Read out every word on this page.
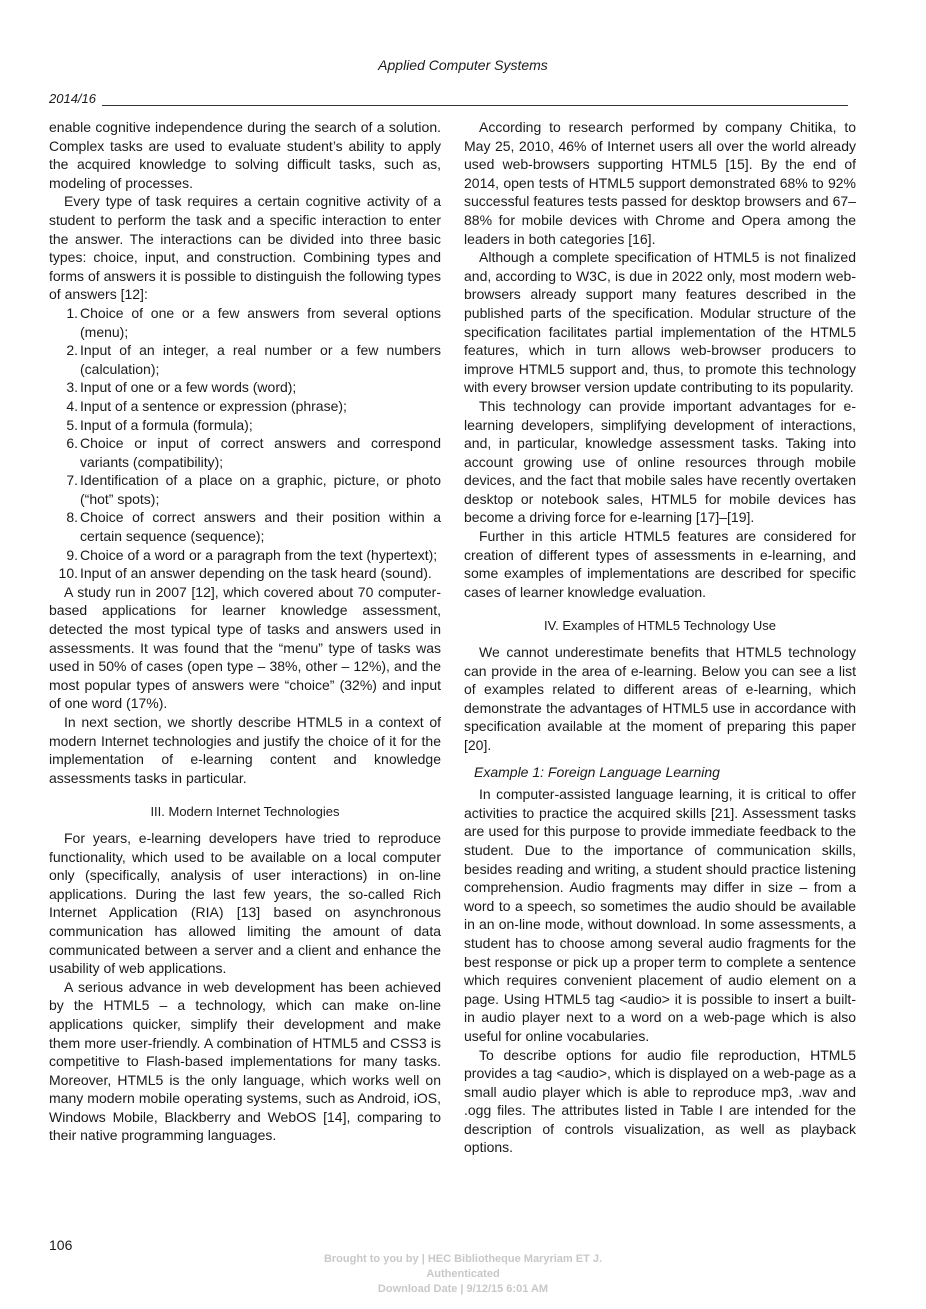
Applied Computer Systems
2014/16

enable cognitive independence during the search of a solution. Complex tasks are used to evaluate student’s ability to apply the acquired knowledge to solving difficult tasks, such as, modeling of processes.

Every type of task requires a certain cognitive activity of a student to perform the task and a specific interaction to enter the answer. The interactions can be divided into three basic types: choice, input, and construction. Combining types and forms of answers it is possible to distinguish the following types of answers [12]:

1. Choice of one or a few answers from several options (menu);
2. Input of an integer, a real number or a few numbers (calculation);
3. Input of one or a few words (word);
4. Input of a sentence or expression (phrase);
5. Input of a formula (formula);
6. Choice or input of correct answers and correspond variants (compatibility);
7. Identification of a place on a graphic, picture, or photo (“hot” spots);
8. Choice of correct answers and their position within a certain sequence (sequence);
9. Choice of a word or a paragraph from the text (hypertext);
10. Input of an answer depending on the task heard (sound).

A study run in 2007 [12], which covered about 70 computer-based applications for learner knowledge assessment, detected the most typical type of tasks and answers used in assessments. It was found that the “menu” type of tasks was used in 50% of cases (open type – 38%, other – 12%), and the most popular types of answers were “choice” (32%) and input of one word (17%).

In next section, we shortly describe HTML5 in a context of modern Internet technologies and justify the choice of it for the implementation of e-learning content and knowledge assessments tasks in particular.

III. Modern Internet Technologies

For years, e-learning developers have tried to reproduce functionality, which used to be available on a local computer only (specifically, analysis of user interactions) in on-line applications. During the last few years, the so-called Rich Internet Application (RIA) [13] based on asynchronous communication has allowed limiting the amount of data communicated between a server and a client and enhance the usability of web applications.

A serious advance in web development has been achieved by the HTML5 – a technology, which can make on-line applications quicker, simplify their development and make them more user-friendly. A combination of HTML5 and CSS3 is competitive to Flash-based implementations for many tasks. Moreover, HTML5 is the only language, which works well on many modern mobile operating systems, such as Android, iOS, Windows Mobile, Blackberry and WebOS [14], comparing to their native programming languages.

According to research performed by company Chitika, to May 25, 2010, 46% of Internet users all over the world already used web-browsers supporting HTML5 [15]. By the end of 2014, open tests of HTML5 support demonstrated 68% to 92% successful features tests passed for desktop browsers and 67–88% for mobile devices with Chrome and Opera among the leaders in both categories [16].

Although a complete specification of HTML5 is not finalized and, according to W3C, is due in 2022 only, most modern web-browsers already support many features described in the published parts of the specification. Modular structure of the specification facilitates partial implementation of the HTML5 features, which in turn allows web-browser producers to improve HTML5 support and, thus, to promote this technology with every browser version update contributing to its popularity.

This technology can provide important advantages for e-learning developers, simplifying development of interactions, and, in particular, knowledge assessment tasks. Taking into account growing use of online resources through mobile devices, and the fact that mobile sales have recently overtaken desktop or notebook sales, HTML5 for mobile devices has become a driving force for e-learning [17]–[19].

Further in this article HTML5 features are considered for creation of different types of assessments in e-learning, and some examples of implementations are described for specific cases of learner knowledge evaluation.

IV. Examples of HTML5 Technology Use

We cannot underestimate benefits that HTML5 technology can provide in the area of e-learning. Below you can see a list of examples related to different areas of e-learning, which demonstrate the advantages of HTML5 use in accordance with specification available at the moment of preparing this paper [20].

Example 1: Foreign Language Learning

In computer-assisted language learning, it is critical to offer activities to practice the acquired skills [21]. Assessment tasks are used for this purpose to provide immediate feedback to the student. Due to the importance of communication skills, besides reading and writing, a student should practice listening comprehension. Audio fragments may differ in size – from a word to a speech, so sometimes the audio should be available in an on-line mode, without download. In some assessments, a student has to choose among several audio fragments for the best response or pick up a proper term to complete a sentence which requires convenient placement of audio element on a page. Using HTML5 tag <audio> it is possible to insert a built-in audio player next to a word on a web-page which is also useful for online vocabularies.

To describe options for audio file reproduction, HTML5 provides a tag <audio>, which is displayed on a web-page as a small audio player which is able to reproduce mp3, .wav and .ogg files. The attributes listed in Table I are intended for the description of controls visualization, as well as playback options.

106
Brought to you by | HEC Bibliotheque Maryriam ET J.
Authenticated
Download Date | 9/12/15 6:01 AM
